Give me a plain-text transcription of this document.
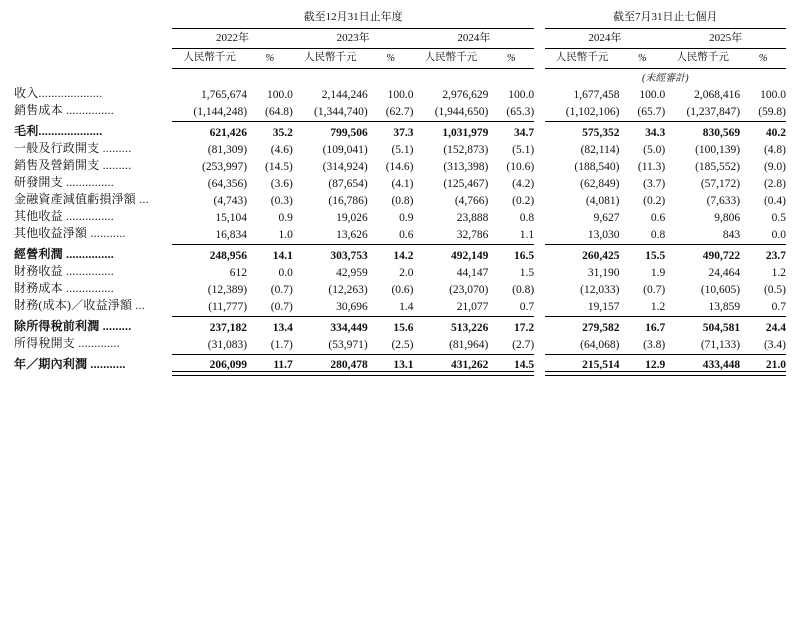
	截至12月31日止年度							截至7月31日止七個月			

	2022年		2023年		2024年			2024年		2025年	

	人民幣千元	%	人民幣千元	%	人民幣千元	%		人民幣千元	%	人民幣千元	%

								(未經審計)			
收入....................	1,765,674	100.0	2,144,246	100.0	2,976,629	100.0		1,677,458	100.0	2,068,416	100.0
銷售成本 ...............	(1,144,248)	(64.8)	(1,344,740)	(62.7)	(1,944,650)	(65.3)		(1,102,106)	(65.7)	(1,237,847)	(59.8)

毛利....................	621,426	35.2	799,506	37.3	1,031,979	34.7		575,352	34.3	830,569	40.2
一般及行政開支 .........	(81,309)	(4.6)	(109,041)	(5.1)	(152,873)	(5.1)		(82,114)	(5.0)	(100,139)	(4.8)
銷售及營銷開支 .........	(253,997)	(14.5)	(314,924)	(14.6)	(313,398)	(10.6)		(188,540)	(11.3)	(185,552)	(9.0)
研發開支 ...............	(64,356)	(3.6)	(87,654)	(4.1)	(125,467)	(4.2)		(62,849)	(3.7)	(57,172)	(2.8)
金融資產減值虧損淨額 ...	(4,743)	(0.3)	(16,786)	(0.8)	(4,766)	(0.2)		(4,081)	(0.2)	(7,633)	(0.4)
其他收益 ...............	15,104	0.9	19,026	0.9	23,888	0.8		9,627	0.6	9,806	0.5
其他收益淨額 ...........	16,834	1.0	13,626	0.6	32,786	1.1		13,030	0.8	843	0.0

經營利潤 ...............	248,956	14.1	303,753	14.2	492,149	16.5		260,425	15.5	490,722	23.7
財務收益 ...............	612	0.0	42,959	2.0	44,147	1.5		31,190	1.9	24,464	1.2
財務成本 ...............	(12,389)	(0.7)	(12,263)	(0.6)	(23,070)	(0.8)		(12,033)	(0.7)	(10,605)	(0.5)
財務(成本)／收益淨額 ...	(11,777)	(0.7)	30,696	1.4	21,077	0.7		19,157	1.2	13,859	0.7

除所得稅前利潤 .........	237,182	13.4	334,449	15.6	513,226	17.2		279,582	16.7	504,581	24.4
所得稅開支 .............	(31,083)	(1.7)	(53,971)	(2.5)	(81,964)	(2.7)		(64,068)	(3.8)	(71,133)	(3.4)

年／期內利潤 ...........	206,099	11.7	280,478	13.1	431,262	14.5		215,514	12.9	433,448	21.0
